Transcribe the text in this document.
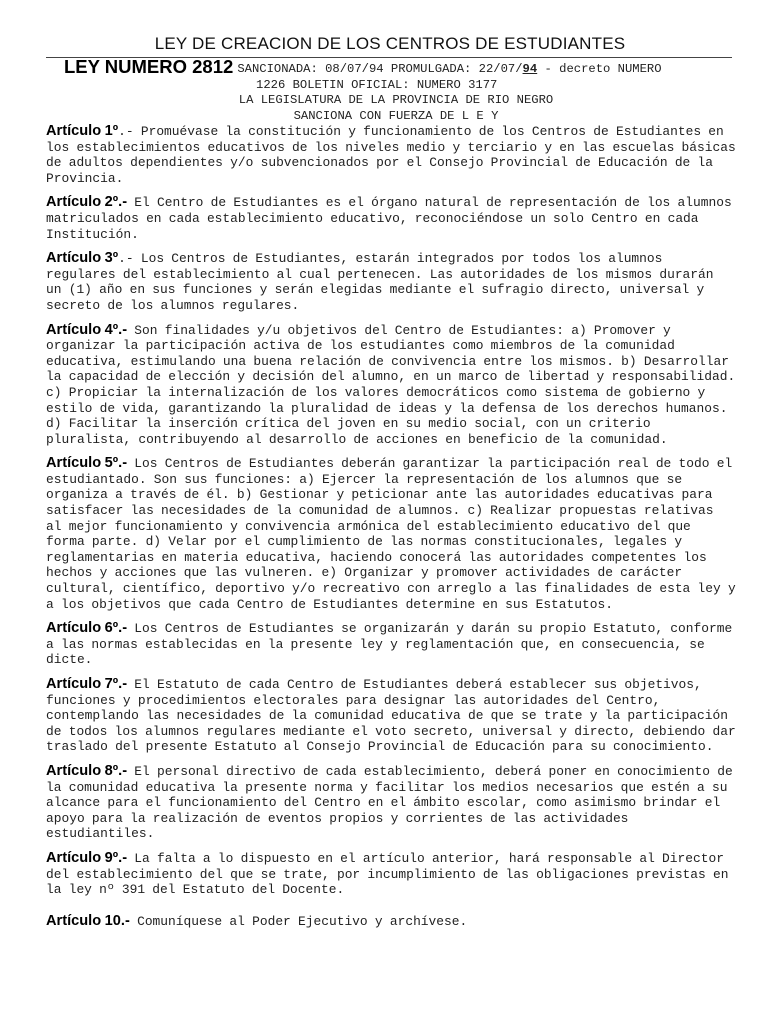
LEY DE CREACION DE LOS CENTROS DE ESTUDIANTES
LEY NUMERO 2812 SANCIONADA: 08/07/94 PROMULGADA: 22/07/94 - decreto NUMERO
1226 BOLETIN OFICIAL: NUMERO 3177
LA LEGISLATURA DE LA PROVINCIA DE RIO NEGRO
SANCIONA CON FUERZA DE L E Y

Artículo 1º.- Promuévase la constitución y funcionamiento de los Centros de Estudiantes en los establecimientos educativos de los niveles medio y terciario y en las escuelas básicas de adultos dependientes y/o subvencionados por el Consejo Provincial de Educación de la Provincia.

Artículo 2º.- El Centro de Estudiantes es el órgano natural de representación de los alumnos matriculados en cada establecimiento educativo, reconociéndose un solo Centro en cada Institución.

Artículo 3º.- Los Centros de Estudiantes, estarán integrados por todos los alumnos regulares del establecimiento al cual pertenecen. Las autoridades de los mismos durarán un (1) año en sus funciones y serán elegidas mediante el sufragio directo, universal y secreto de los alumnos regulares.

Artículo 4º.- Son finalidades y/u objetivos del Centro de Estudiantes: a) Promover y organizar la participación activa de los estudiantes como miembros de la comunidad educativa, estimulando una buena relación de convivencia entre los mismos. b) Desarrollar la capacidad de elección y decisión del alumno, en un marco de libertad y responsabilidad. c) Propiciar la internalización de los valores democráticos como sistema de gobierno y estilo de vida, garantizando la pluralidad de ideas y la defensa de los derechos humanos. d) Facilitar la inserción crítica del joven en su medio social, con un criterio pluralista, contribuyendo al desarrollo de acciones en beneficio de la comunidad.

Artículo 5º.- Los Centros de Estudiantes deberán garantizar la participación real de todo el estudiantado. Son sus funciones: a) Ejercer la representación de los alumnos que se organiza a través de él. b) Gestionar y peticionar ante las autoridades educativas para satisfacer las necesidades de la comunidad de alumnos. c) Realizar propuestas relativas al mejor funcionamiento y convivencia armónica del establecimiento educativo del que forma parte. d) Velar por el cumplimiento de las normas constitucionales, legales y reglamentarias en materia educativa, haciendo conocerá las autoridades competentes los hechos y acciones que las vulneren. e) Organizar y promover actividades de carácter cultural, científico, deportivo y/o recreativo con arreglo a las finalidades de esta ley y a los objetivos que cada Centro de Estudiantes determine en sus Estatutos.

Artículo 6º.- Los Centros de Estudiantes se organizarán y darán su propio Estatuto, conforme a las normas establecidas en la presente ley y reglamentación que, en consecuencia, se dicte.

Artículo 7º.- El Estatuto de cada Centro de Estudiantes deberá establecer sus objetivos, funciones y procedimientos electorales para designar las autoridades del Centro, contemplando las necesidades de la comunidad educativa de que se trate y la participación de todos los alumnos regulares mediante el voto secreto, universal y directo, debiendo dar traslado del presente Estatuto al Consejo Provincial de Educación para su conocimiento.

Artículo 8º.- El personal directivo de cada establecimiento, deberá poner en conocimiento de la comunidad educativa la presente norma y facilitar los medios necesarios que estén a su alcance para el funcionamiento del Centro en el ámbito escolar, como asimismo brindar el apoyo para la realización de eventos propios y corrientes de las actividades estudiantiles.

Artículo 9º.- La falta a lo dispuesto en el artículo anterior, hará responsable al Director del establecimiento del que se trate, por incumplimiento de las obligaciones previstas en la ley nº 391 del Estatuto del Docente.

Artículo 10.- Comuníquese al Poder Ejecutivo y archívese.
